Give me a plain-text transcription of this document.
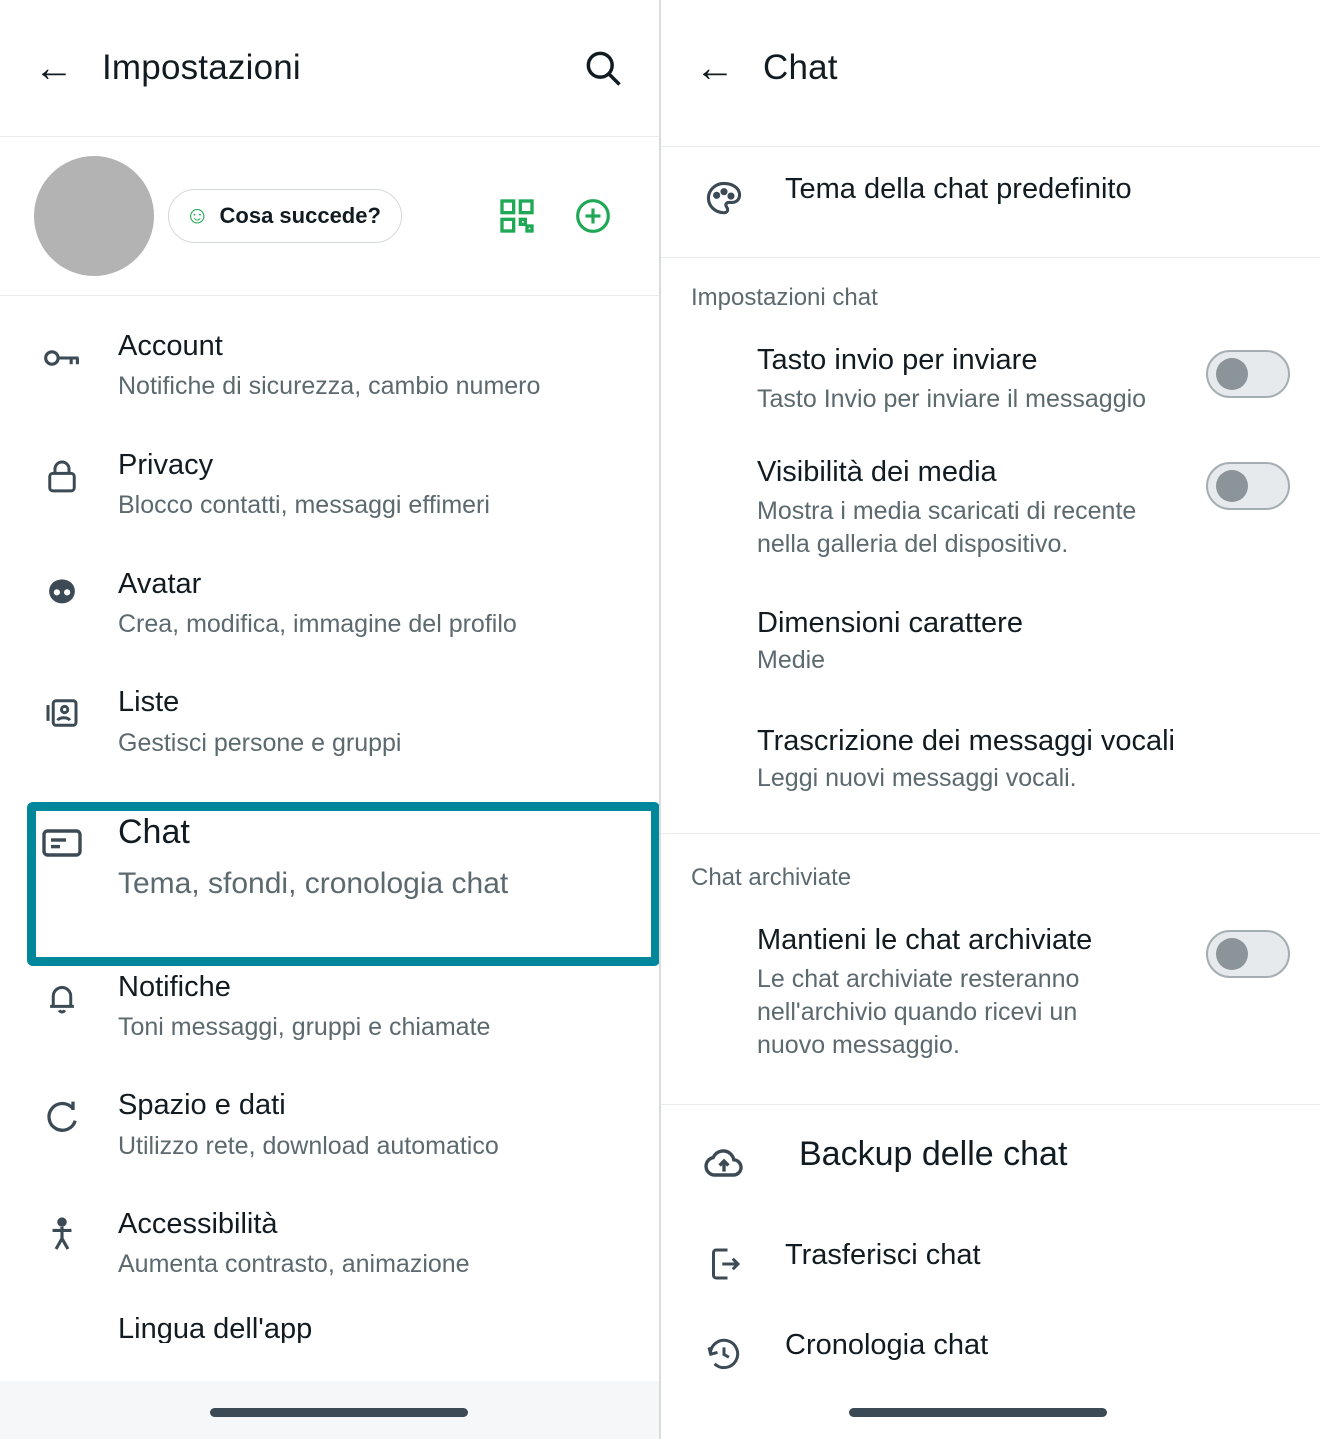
← Impostazioni
☺ Cosa succede?
Account
Notifiche di sicurezza, cambio numero
Privacy
Blocco contatti, messaggi effimeri
Avatar
Crea, modifica, immagine del profilo
Liste
Gestisci persone e gruppi
Chat
Tema, sfondi, cronologia chat
Notifiche
Toni messaggi, gruppi e chiamate
Spazio e dati
Utilizzo rete, download automatico
Accessibilità
Aumenta contrasto, animazione
Lingua dell'app
← Chat
Tema della chat predefinito
Impostazioni chat
Tasto invio per inviare
Tasto Invio per inviare il messaggio
Visibilità dei media
Mostra i media scaricati di recente nella galleria del dispositivo.
Dimensioni carattere
Medie
Trascrizione dei messaggi vocali
Leggi nuovi messaggi vocali.
Chat archiviate
Mantieni le chat archiviate
Le chat archiviate resteranno nell'archivio quando ricevi un nuovo messaggio.
Backup delle chat
Trasferisci chat
Cronologia chat
